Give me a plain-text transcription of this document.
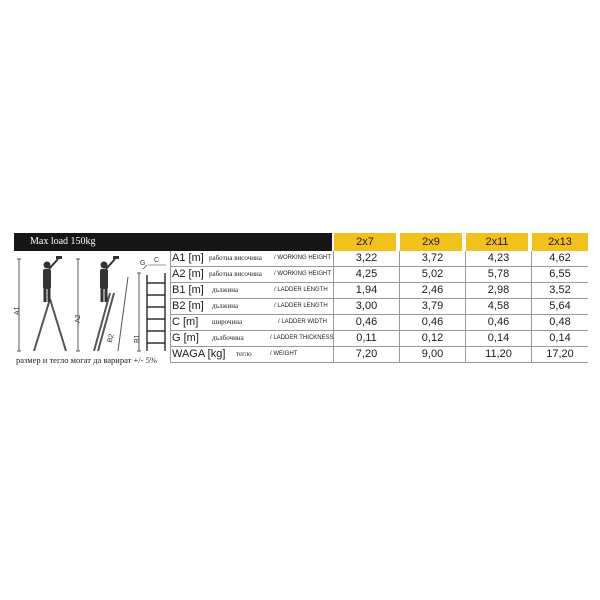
Max load 150kg	2x7	2x9	2x11	2x13
A1
A2
B2	B1
G C
размер и тегло могат да варират +/- 5%
A1 [m] работна височина / WORKING HEIGHT	3,22	3,72	4,23	4,62
A2 [m] работна височина / WORKING HEIGHT	4,25	5,02	5,78	6,55
B1 [m] дължина	/ LADDER LENGTH	1,94	2,46	2,98	3,52
B2 [m] дължина	/ LADDER LENGTH	3,00	3,79	4,58	5,64
C [m] широчина	/ LADDER WIDTH	0,46	0,46	0,46	0,48
G [m] дълбочина	/ LADDER THICKNESS	0,11	0,12	0,14	0,14
WAGA [kg] тегло	/ WEIGHT	7,20	9,00	11,20	17,20
